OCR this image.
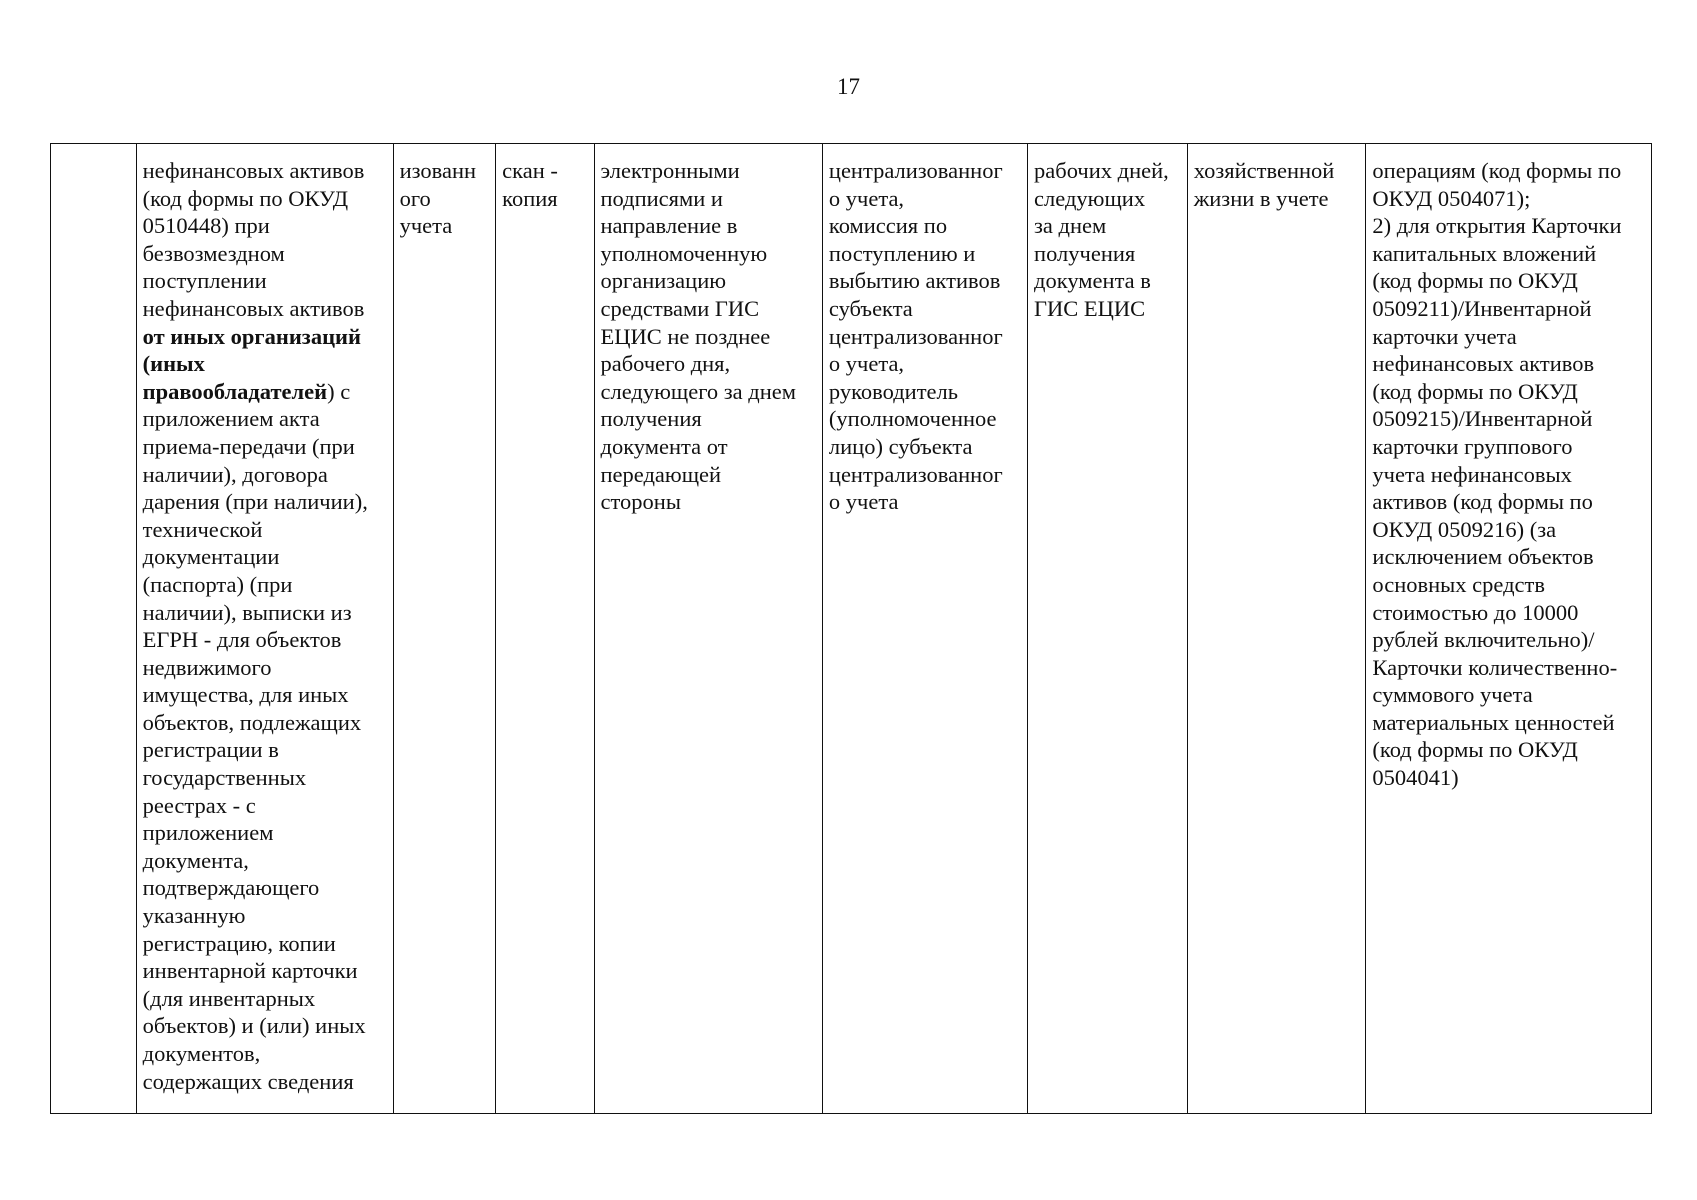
17
	нефинансовых активов
(код формы по ОКУД
0510448) при
безвозмездном
поступлении
нефинансовых активов
от иных организаций
(иных
правообладателей) с
приложением акта
приема-передачи (при
наличии), договора
дарения (при наличии),
технической
документации
(паспорта) (при
наличии), выписки из
ЕГРН - для объектов
недвижимого
имущества, для иных
объектов, подлежащих
регистрации в
государственных
реестрах - с
приложением
документа,
подтверждающего
указанную
регистрацию, копии
инвентарной карточки
(для инвентарных
объектов) и (или) иных
документов,
содержащих сведения	изованн
ого
учета	скан -
копия	электронными
подписями и
направление в
уполномоченную
организацию
средствами ГИС
ЕЦИС не позднее
рабочего дня,
следующего за днем
получения
документа от
передающей
стороны	централизованног
о учета,
комиссия по
поступлению и
выбытию активов
субъекта
централизованног
о учета,
руководитель
(уполномоченное
лицо) субъекта
централизованног
о учета	рабочих дней,
следующих
за днем
получения
документа в
ГИС ЕЦИС	хозяйственной
жизни в учете	операциям (код формы по
ОКУД 0504071);
2) для открытия Карточки
капитальных вложений
(код формы по ОКУД
0509211)/Инвентарной
карточки учета
нефинансовых активов
(код формы по ОКУД
0509215)/Инвентарной
карточки группового
учета нефинансовых
активов (код формы по
ОКУД 0509216) (за
исключением объектов
основных средств
стоимостью до 10000
рублей включительно)/
Карточки количественно-
суммового учета
материальных ценностей
(код формы по ОКУД
0504041)
